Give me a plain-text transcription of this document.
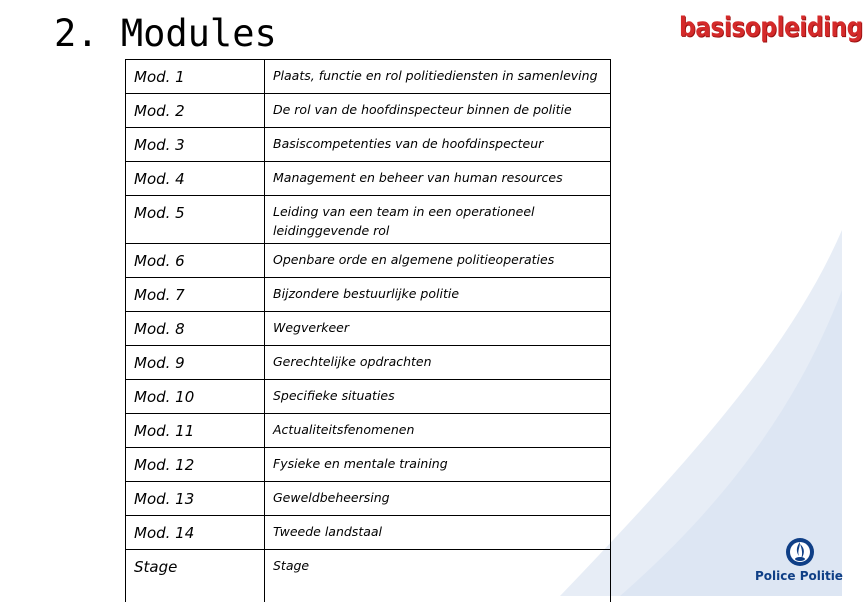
2. Modules	basisopleiding
Mod. 1	Plaats, functie en rol politiediensten in samenleving
Mod. 2	De rol van de hoofdinspecteur binnen de politie
Mod. 3	Basiscompetenties van de hoofdinspecteur
Mod. 4	Management en beheer van human resources
Mod. 5	Leiding van een team in een operationeel leidinggevende rol
Mod. 6	Openbare orde en algemene politieoperaties
Mod. 7	Bijzondere bestuurlijke politie
Mod. 8	Wegverkeer
Mod. 9	Gerechtelijke opdrachten
Mod. 10	Specifieke situaties
Mod. 11	Actualiteitsfenomenen
Mod. 12	Fysieke en mentale training
Mod. 13	Geweldbeheersing
Mod. 14	Tweede landstaal
Stage	Stage
Police Politie
